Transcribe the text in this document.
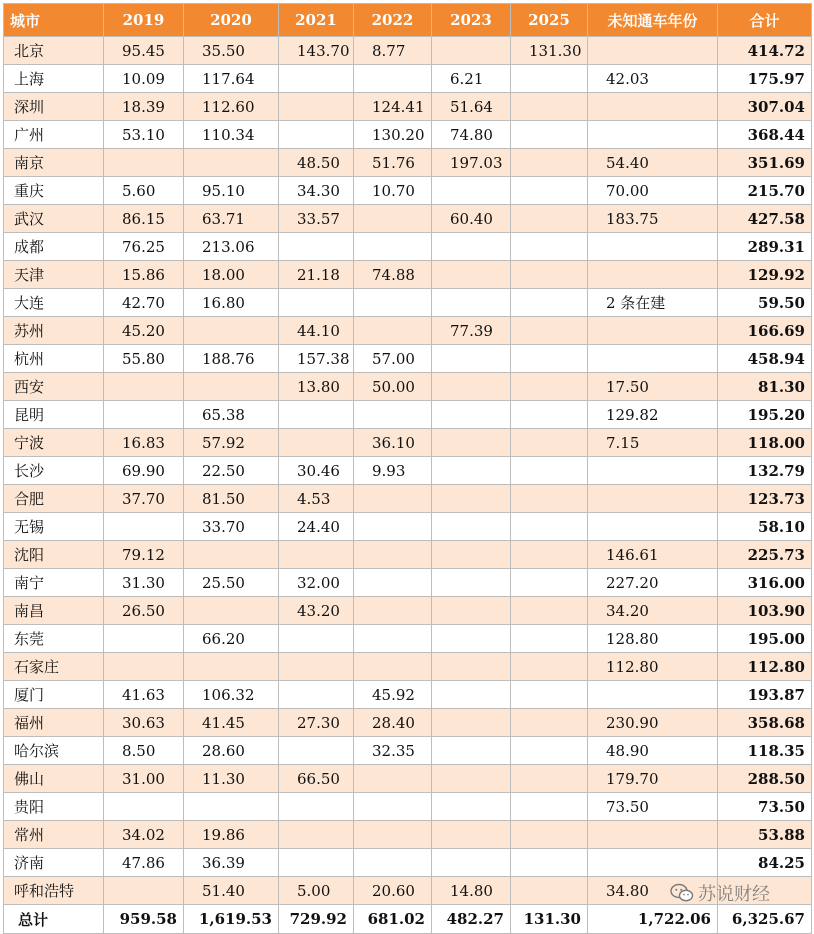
城市	2019	2020	2021	2022	2023	2025	未知通车年份	合计
北京	95.45	35.50	143.70	8.77		131.30		414.72
上海	10.09	117.64			6.21		42.03	175.97
深圳	18.39	112.60		124.41	51.64			307.04
广州	53.10	110.34		130.20	74.80			368.44
南京			48.50	51.76	197.03		54.40	351.69
重庆	5.60	95.10	34.30	10.70			70.00	215.70
武汉	86.15	63.71	33.57		60.40		183.75	427.58
成都	76.25	213.06						289.31
天津	15.86	18.00	21.18	74.88				129.92
大连	42.70	16.80					2 条在建	59.50
苏州	45.20		44.10		77.39			166.69
杭州	55.80	188.76	157.38	57.00				458.94
西安			13.80	50.00			17.50	81.30
昆明		65.38					129.82	195.20
宁波	16.83	57.92		36.10			7.15	118.00
长沙	69.90	22.50	30.46	9.93				132.79
合肥	37.70	81.50	4.53					123.73
无锡		33.70	24.40					58.10
沈阳	79.12						146.61	225.73
南宁	31.30	25.50	32.00				227.20	316.00
南昌	26.50		43.20				34.20	103.90
东莞		66.20					128.80	195.00
石家庄							112.80	112.80
厦门	41.63	106.32		45.92				193.87
福州	30.63	41.45	27.30	28.40			230.90	358.68
哈尔滨	8.50	28.60		32.35			48.90	118.35
佛山	31.00	11.30	66.50				179.70	288.50
贵阳							73.50	73.50
常州	34.02	19.86						53.88
济南	47.86	36.39						84.25
呼和浩特		51.40	5.00	20.60	14.80		34.80	
总计	959.58	1,619.53	729.92	681.02	482.27	131.30	1,722.06	6,325.67
苏说财经
